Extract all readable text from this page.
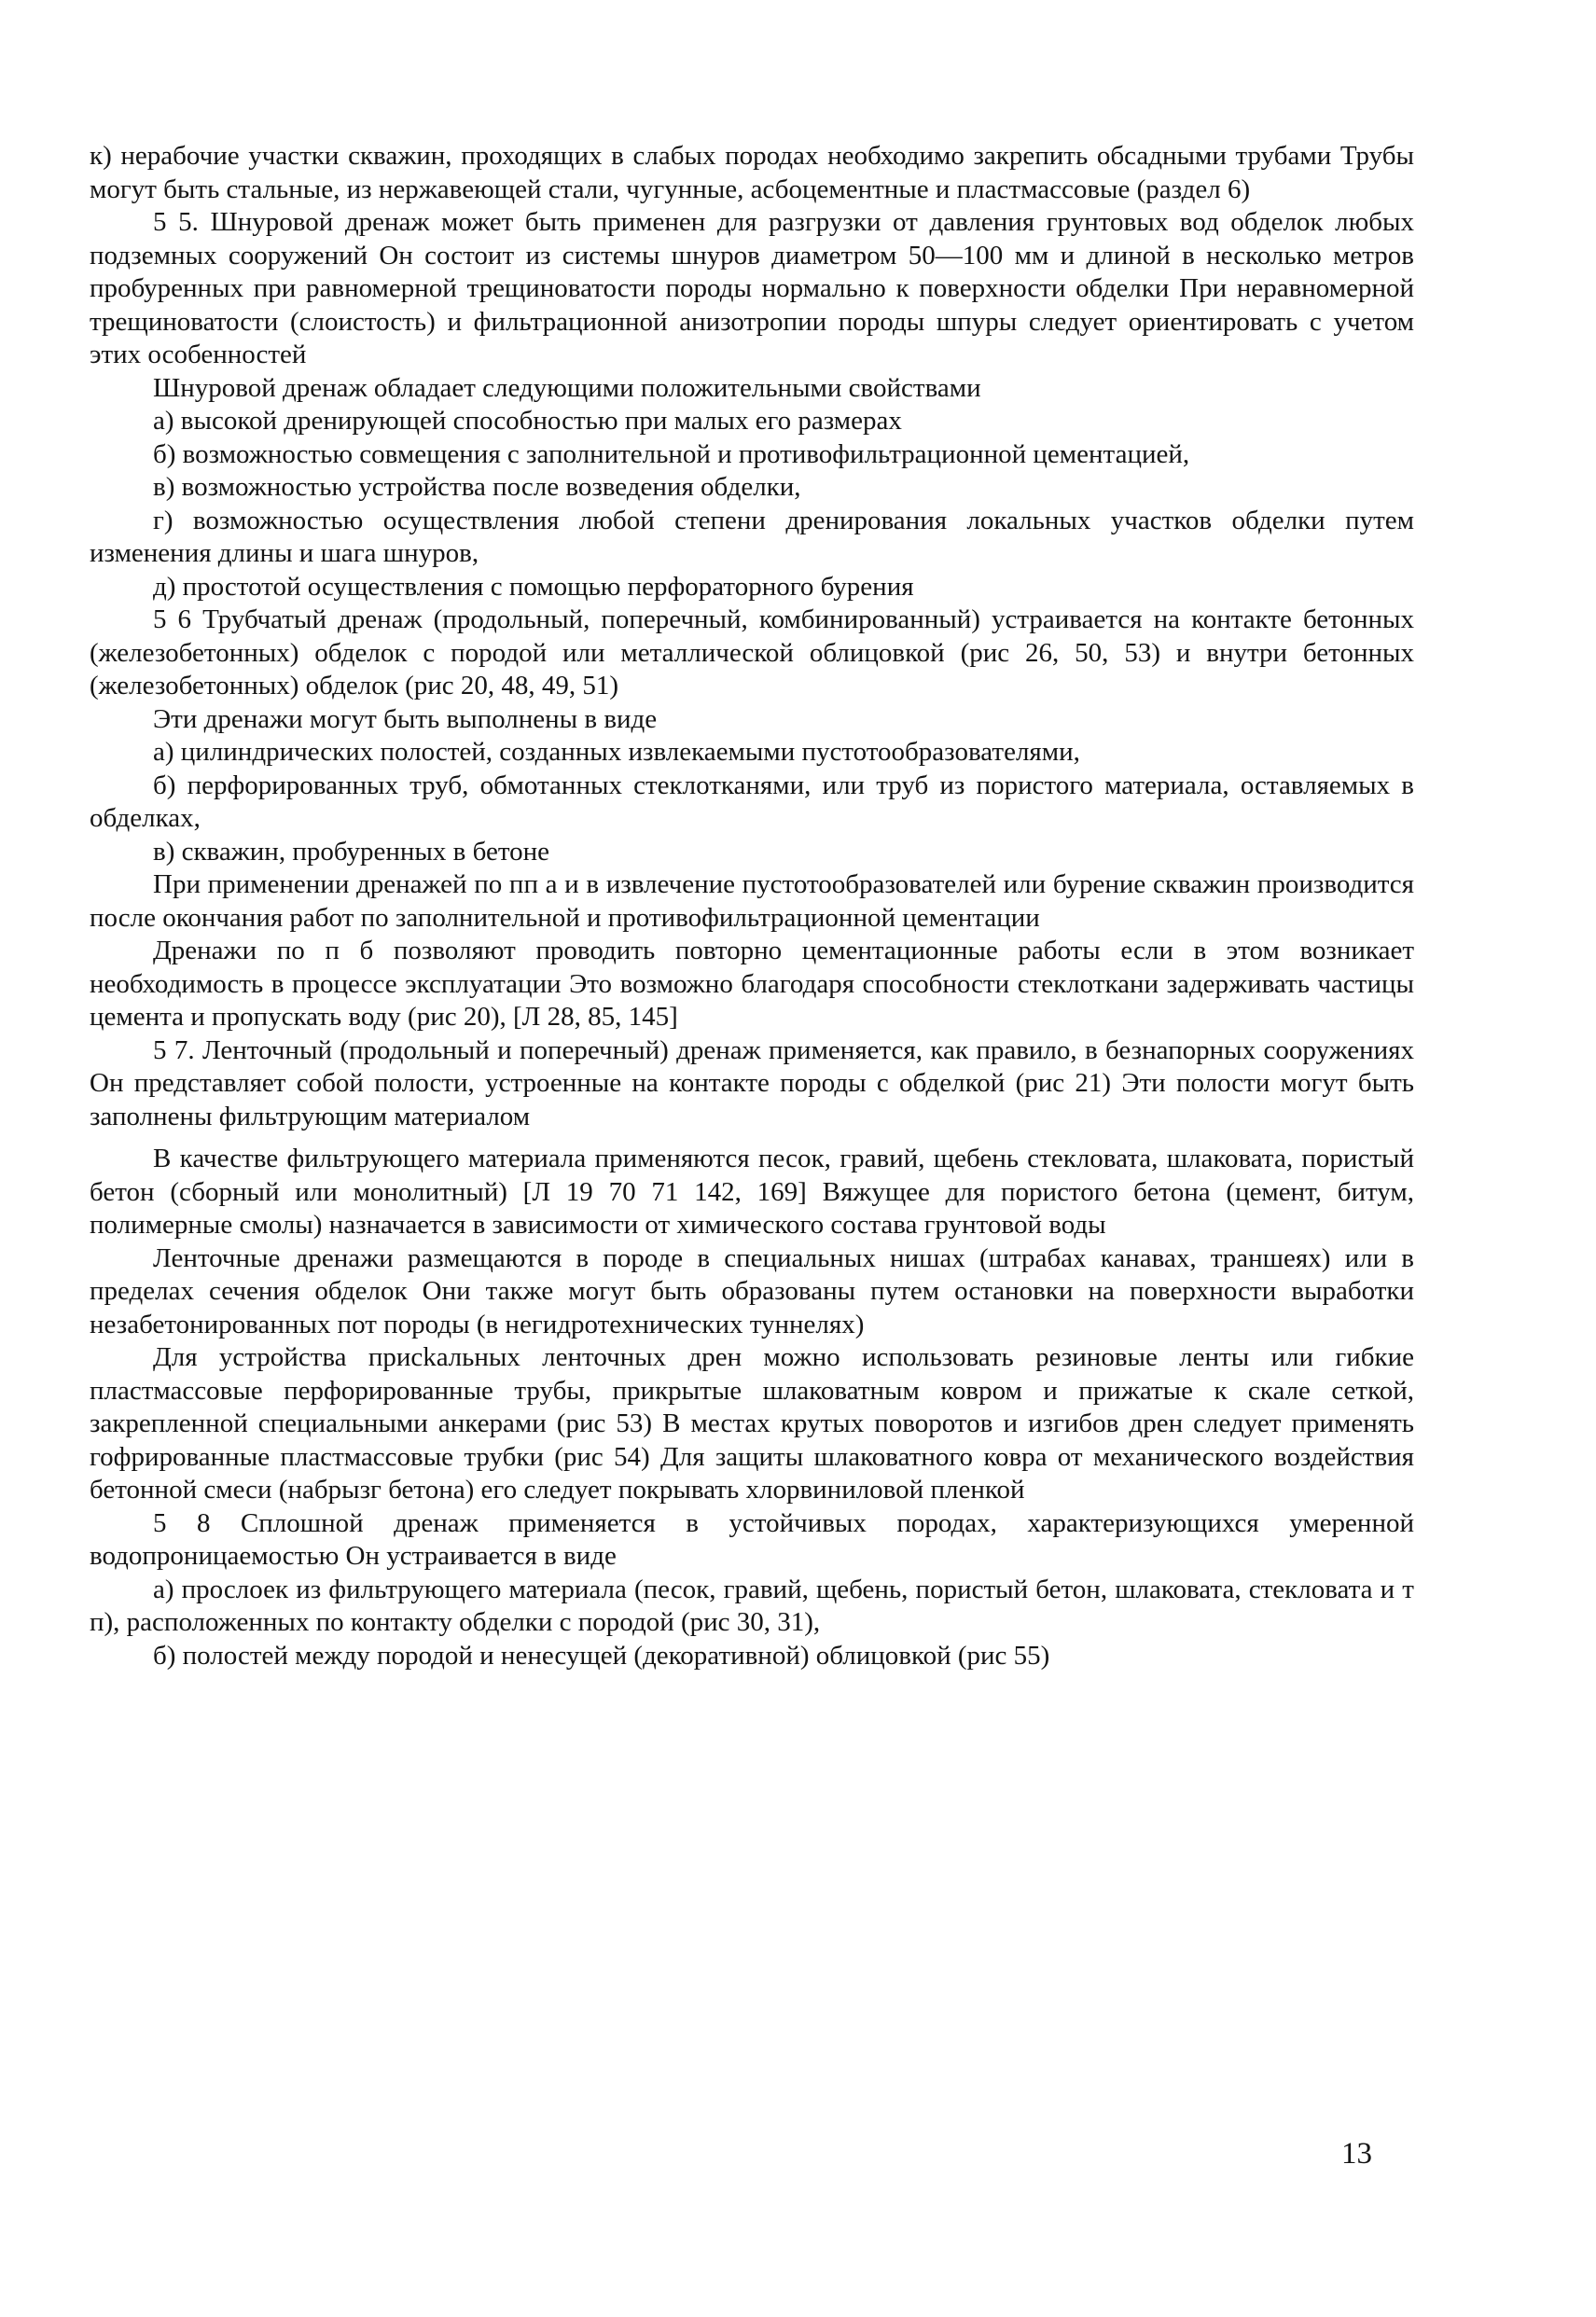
к) нерабочие участки скважин, проходящих в слабых породах необходимо закрепить обсадными трубами Трубы могут быть стальные, из нержавеющей стали, чугунные, асбоцементные и пластмассовые (раздел 6)

5 5. Шнуровой дренаж может быть применен для разгрузки от давления грунтовых вод обделок любых подземных сооружений Он состоит из системы шнуров диаметром 50—100 мм и длиной в несколько метров пробуренных при равномерной трещиноватости породы нормально к поверхности обделки При неравномерной трещиноватости (слоистость) и фильтрационной анизотропии породы шпуры следует ориентировать с учетом этих особенностей

Шнуровой дренаж обладает следующими положительными свойствами

а) высокой дренирующей способностью при малых его размерах

б) возможностью совмещения с заполнительной и противофильтрационной цементацией,

в) возможностью устройства после возведения обделки,

г) возможностью осуществления любой степени дренирования локальных участков обделки путем изменения длины и шага шнуров,

д) простотой осуществления с помощью перфораторного бурения

5 6 Трубчатый дренаж (продольный, поперечный, комбинированный) устраивается на контакте бетонных (железобетонных) обделок с породой или металлической облицовкой (рис 26, 50, 53) и внутри бетонных (железобетонных) обделок (рис 20, 48, 49, 51)

Эти дренажи могут быть выполнены в виде

а) цилиндрических полостей, созданных извлекаемыми пустотообразователями,

б) перфорированных труб, обмотанных стеклотканями, или труб из пористого материала, оставляемых в обделках,

в) скважин, пробуренных в бетоне

При применении дренажей по пп а и в извлечение пустотообразователей или бурение скважин производится после окончания работ по заполнительной и противофильтрационной цементации

Дренажи по п б позволяют проводить повторно цементационные работы если в этом возникает необходимость в процессе эксплуатации Это возможно благодаря способности стеклоткани задерживать частицы цемента и пропускать воду (рис 20), [Л 28, 85, 145]

5 7. Ленточный (продольный и поперечный) дренаж применяется, как правило, в безнапорных сооружениях Он представляет собой полости, устроенные на контакте породы с обделкой (рис 21) Эти полости могут быть заполнены фильтрующим материалом

В качестве фильтрующего материала применяются песок, гравий, щебень стекловата, шлаковата, пористый бетон (сборный или монолитный) [Л 19 70 71 142, 169] Вяжущее для пористого бетона (цемент, битум, полимерные смолы) назначается в зависимости от химического состава грунтовой воды

Ленточные дренажи размещаются в породе в специальных нишах (штрабах канавах, траншеях) или в пределах сечения обделок Они также могут быть образованы путем остановки на поверхности выработки незабетонированных пот породы (в негидротехнических туннелях)

Для устройства присkaльных ленточных дрен можно использовать резиновые ленты или гибкие пластмассовые перфорированные трубы, прикрытые шлаковатным ковром и прижатые к скале сеткой, закрепленной специальными анкерами (рис 53) В местах крутых поворотов и изгибов дрен следует применять гофрированные пластмассовые трубки (рис 54) Для защиты шлаковатного ковра от механического воздействия бетонной смеси (набрызг бетона) его следует покрывать хлорвиниловой пленкой

5 8 Сплошной дренаж применяется в устойчивых породах, характеризующихся умеренной водопроницаемостью Он устраивается в виде

а) прослоек из фильтрующего материала (песок, гравий, щебень, пористый бетон, шлаковата, стекловата и т п), расположенных по контакту обделки с породой (рис 30, 31),

б) полостей между породой и ненесущей (декоративной) облицовкой (рис 55)

13
